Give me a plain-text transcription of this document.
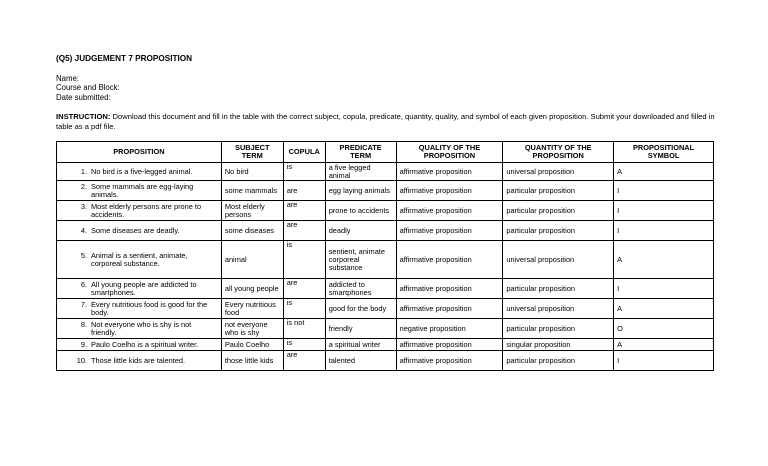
(Q5) JUDGEMENT 7 PROPOSITION

Name:
Course and Block:
Date submitted:
INSTRUCTION: Download this document and fill in the table with the correct subject, copula, predicate, quantity, quality, and symbol of each given proposition. Submit your downloaded and filled in table as a pdf file.
PROPOSITION	SUBJECT TERM	COPULA	PREDICATE TERM	QUALITY OF THE PROPOSITION	QUANTITY OF THE PROPOSITION	PROPOSITIONAL SYMBOL
1. No bird is a five-legged animal.	No bird	is	a five legged animal	affirmative proposition	universal proposition	A
2. Some mammals are egg-laying animals.	some mammals	are	egg laying animals	affirmative proposition	particular proposition	I
3. Most elderly persons are prone to accidents.	Most elderly persons	are	prone to accidents	affirmative proposition	particular proposition	I
4. Some diseases are deadly.	some diseases	are	deadly	affirmative proposition	particular proposition	I
5. Animal is a sentient, animate, corporeal substance.	animal	is	sentient, animate corporeal substance	affirmative proposition	universal proposition	A
6. All young people are addicted to smartphones.	all young people	are	addicted to smartphones	affirmative proposition	particular proposition	I
7. Every nutritious food is good for the body.	Every nutritious food	is	good for the body	affirmative proposition	universal proposition	A
8. Not everyone who is shy is not friendly.	not everyone who is shy	is not	friendly	negative proposition	particular proposition	O
9. Paulo Coelho is a spiritual writer.	Paulo Coelho	is	a spiritual writer	affirmative proposition	singular proposition	A
10. Those little kids are talented.	those little kids	are	talented	affirmative proposition	particular proposition	I
